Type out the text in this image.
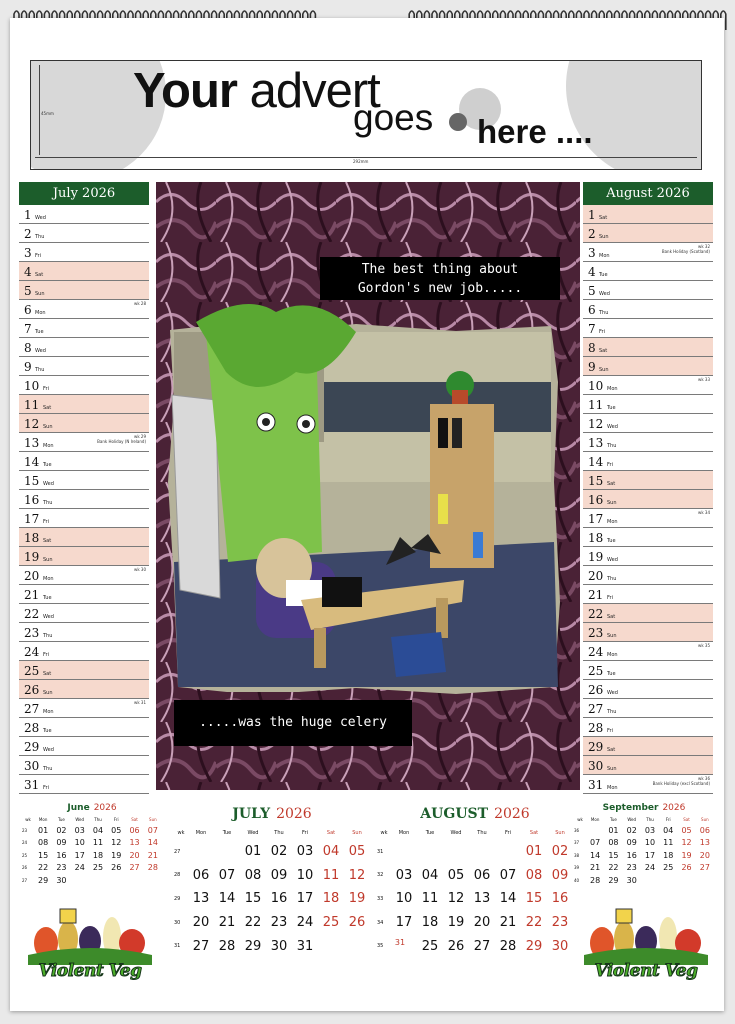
Your advert
goes here ....
292mm
45mm
July 2026
1 Wed
2 Thu
3 Fri
4 Sat
5 Sun
6 Mon
wk 28
7 Tue
8 Wed
9 Thu
10 Fri
11 Sat
12 Sun
13 Mon
wk 29
Bank Holiday (N Ireland)
14 Tue
15 Wed
16 Thu
17 Fri
18 Sat
19 Sun
20 Mon
wk 30
21 Tue
22 Wed
23 Thu
24 Fri
25 Sat
26 Sun
27 Mon
wk 31
28 Tue
29 Wed
30 Thu
31 Fri
August 2026
1 Sat
2 Sun
3 Mon
wk 32
Bank Holiday (Scotland)
4 Tue
5 Wed
6 Thu
7 Fri
8 Sat
9 Sun
10 Mon
wk 33
11 Tue
12 Wed
13 Thu
14 Fri
15 Sat
16 Sun
17 Mon
wk 34
18 Tue
19 Wed
20 Thu
21 Fri
22 Sat
23 Sun
24 Mon
wk 35
25 Tue
26 Wed
27 Thu
28 Fri
29 Sat
30 Sun
31 Mon
wk 36
Bank Holiday (excl Scotland)
The best thing about
Gordon's new job.....
.....was the huge celery
June 2026
wk	Mon	Tue	Wed	Thu	Fri	Sat	Sun
23	01	02	03	04	05	06	07
24	08	09	10	11	12	13	14
25	15	16	17	18	19	20	21
26	22	23	24	25	26	27	28
27	29	30					
September 2026
wk	Mon	Tue	Wed	Thu	Fri	Sat	Sun
36		01	02	03	04	05	06
37	07	08	09	10	11	12	13
38	14	15	16	17	18	19	20
39	21	22	23	24	25	26	27
40	28	29	30				
JULY 2026
wk	Mon	Tue	Wed	Thu	Fri	Sat	Sun
27			01	02	03	04	05
28	06	07	08	09	10	11	12
29	13	14	15	16	17	18	19
30	20	21	22	23	24	25	26
31	27	28	29	30	31		
AUGUST 2026
wk	Mon	Tue	Wed	Thu	Fri	Sat	Sun
31						01	02
32	03	04	05	06	07	08	09
33	10	11	12	13	14	15	16
34	17	18	19	20	21	22	23
35	31	25	26	27	28	29	30
Violent Veg	Violent Veg
